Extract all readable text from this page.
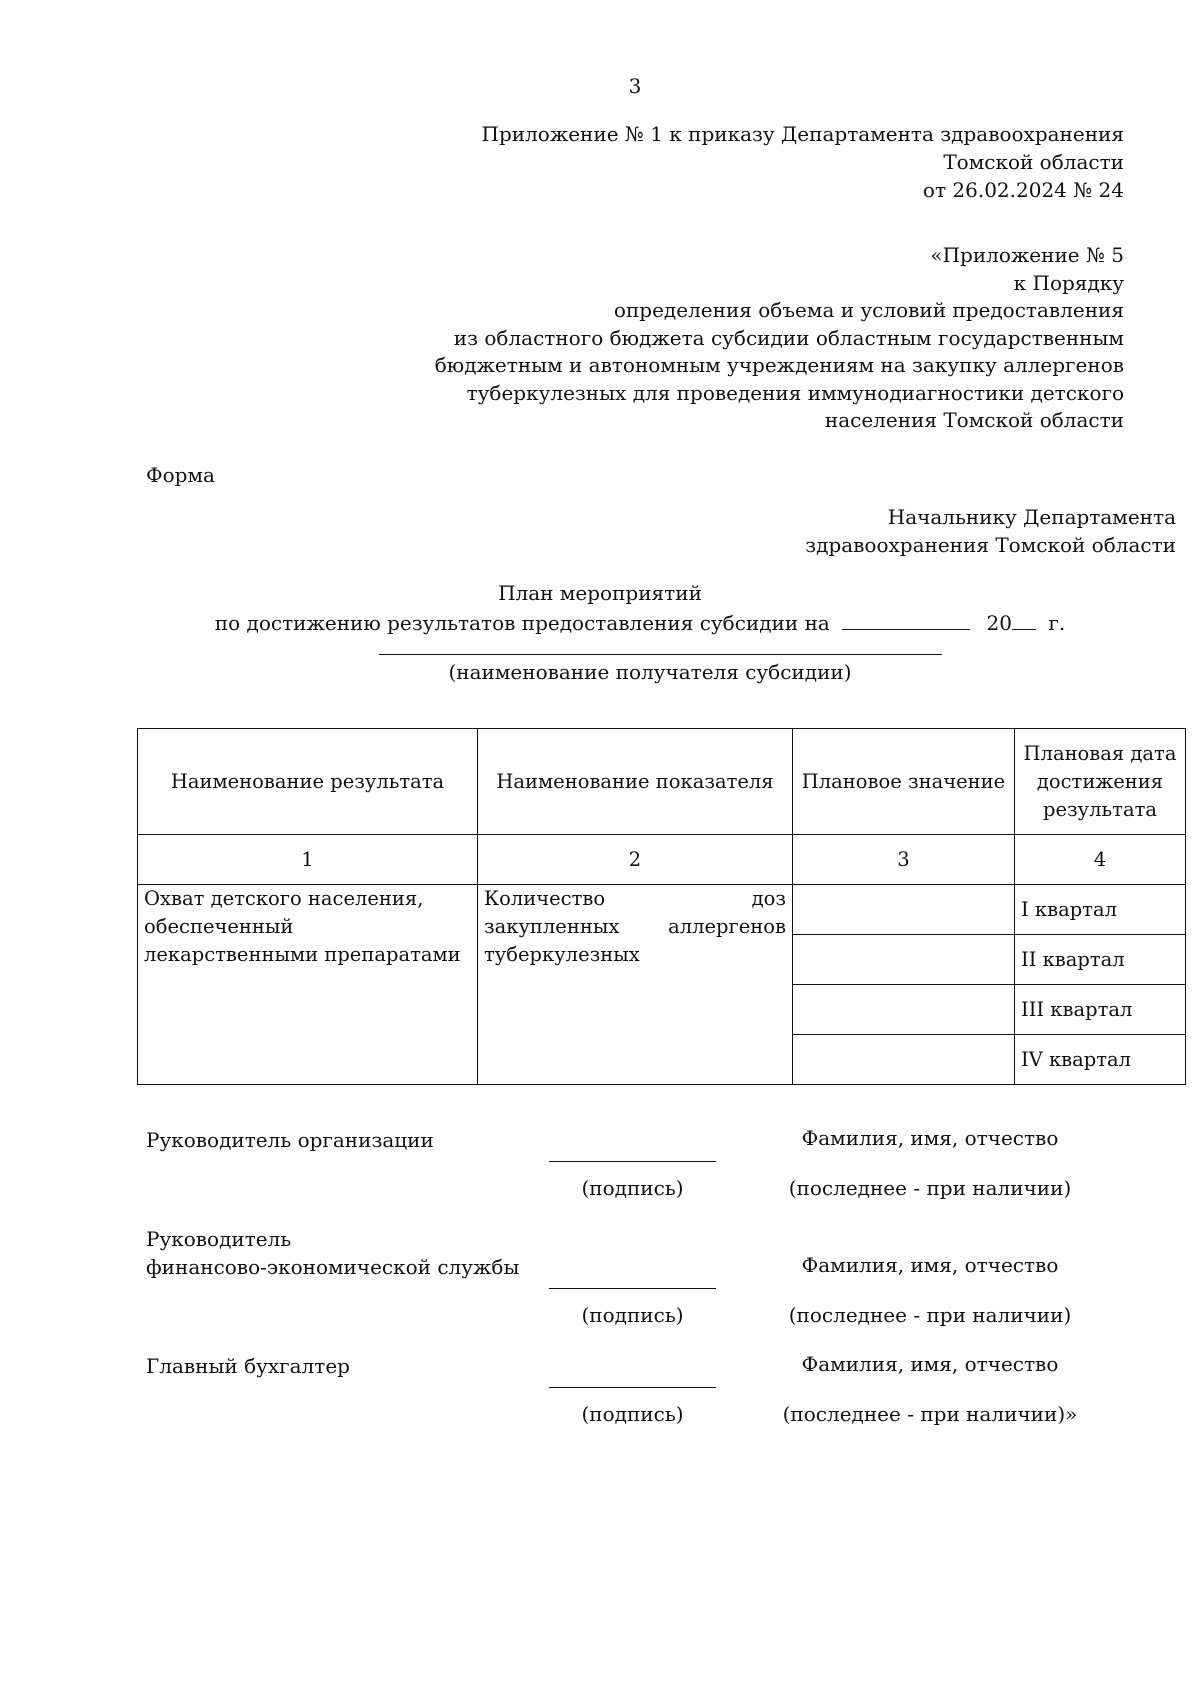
3
Приложение № 1 к приказу Департамента здравоохранения
Томской области
от 26.02.2024 № 24
«Приложение № 5
к Порядку
определения объема и условий предоставления
из областного бюджета субсидии областным государственным
бюджетным и автономным учреждениям на закупку аллергенов
туберкулезных для проведения иммунодиагностики детского
населения Томской области
Форма
Начальнику Департамента
здравоохранения Томской области
План мероприятий
по достижению результатов предоставления субсидии на	20 г.
(наименование получателя субсидии)
Наименование результата	Наименование показателя	Плановое значение	Плановая дата достижения результата
1	2	3	4
Охват детского населения, обеспеченный лекарственными препаратами	Количество доз закупленных аллергенов туберкулезных		I квартал
			II квартал
			III квартал
			IV квартал
Руководитель организации
(подпись)
Фамилия, имя, отчество
(последнее - при наличии)
Руководитель
финансово-экономической службы
(подпись)
Фамилия, имя, отчество
(последнее - при наличии)
Главный бухгалтер
(подпись)
Фамилия, имя, отчество
(последнее - при наличии)»
